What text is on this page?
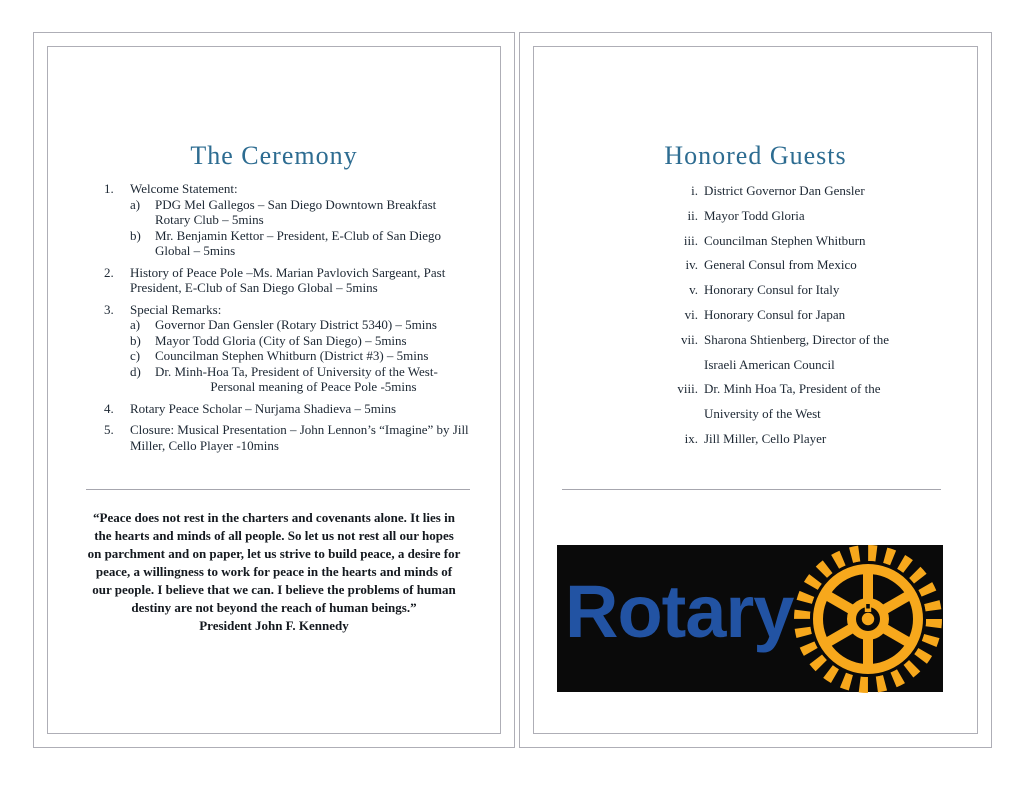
The Ceremony
1.	Welcome Statement:
a)	PDG Mel Gallegos – San Diego Downtown Breakfast Rotary Club – 5mins
b)	Mr. Benjamin Kettor – President, E-Club of San Diego Global – 5mins
2.	History of Peace Pole –Ms. Marian Pavlovich Sargeant, Past President, E-Club of San Diego Global – 5mins
3.	Special Remarks:
a)	Governor Dan Gensler (Rotary District 5340) – 5mins
b)	Mayor Todd Gloria (City of San Diego) – 5mins
c)	Councilman Stephen Whitburn (District #3) – 5mins
d)	Dr. Minh-Hoa Ta, President of University of the West-
Personal meaning of Peace Pole -5mins
4.	Rotary Peace Scholar – Nurjama Shadieva – 5mins
5.	Closure: Musical Presentation – John Lennon’s “Imagine” by Jill Miller, Cello Player -10mins

“Peace does not rest in the charters and covenants alone. It lies in the hearts and minds of all people. So let us not rest all our hopes on parchment and on paper, let us strive to build peace, a desire for peace, a willingness to work for peace in the hearts and minds of our people. I believe that we can. I believe the problems of human destiny are not beyond the reach of human beings.”

President John F. Kennedy

Honored Guests
i. District Governor Dan Gensler
ii. Mayor Todd Gloria
iii. Councilman Stephen Whitburn
iv. General Consul from Mexico
v. Honorary Consul for Italy
vi. Honorary Consul for Japan
vii. Sharona Shtienberg, Director of the Israeli American Council
viii. Dr. Minh Hoa Ta, President of the University of the West
ix. Jill Miller, Cello Player
Rotary
